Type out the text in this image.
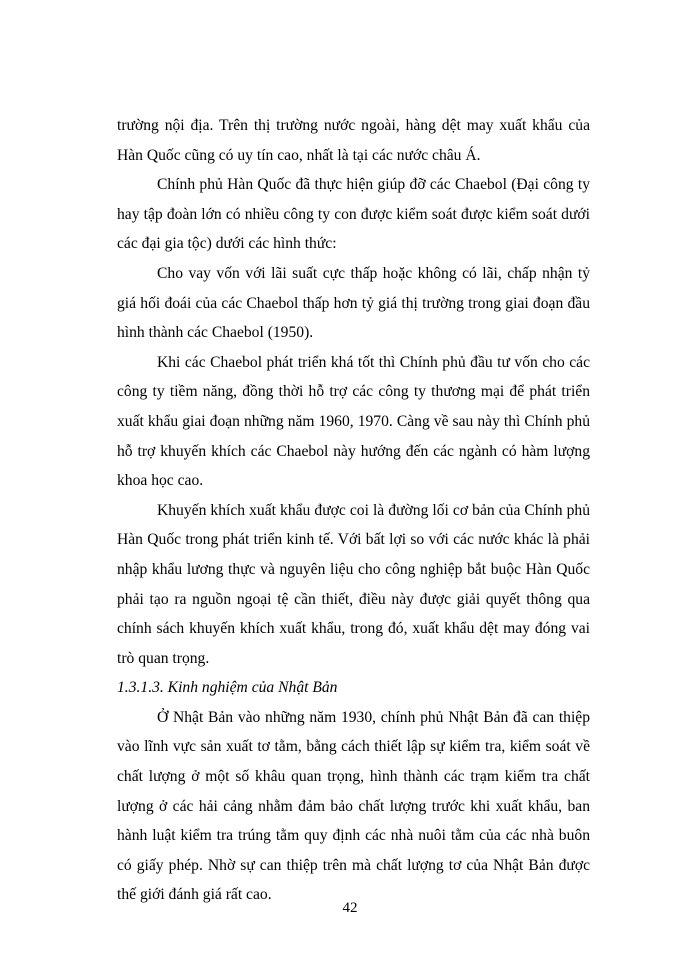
trường nội địa. Trên thị trường nước ngoài, hàng dệt may xuất khẩu của Hàn Quốc cũng có uy tín cao, nhất là tại các nước châu Á.

Chính phủ Hàn Quốc đã thực hiện giúp đỡ các Chaebol (Đại công ty hay tập đoàn lớn có nhiều công ty con được kiểm soát được kiểm soát dưới các đại gia tộc) dưới các hình thức:

Cho vay vốn với lãi suất cực thấp hoặc không có lãi, chấp nhận tỷ giá hối đoái của các Chaebol thấp hơn tỷ giá thị trường trong giai đoạn đầu hình thành các Chaebol (1950).

Khi các Chaebol phát triển khá tốt thì Chính phủ đầu tư vốn cho các công ty tiềm năng, đồng thời hỗ trợ các công ty thương mại để phát triển xuất khẩu giai đoạn những năm 1960, 1970. Càng về sau này thì Chính phủ hỗ trợ khuyến khích các Chaebol này hướng đến các ngành có hàm lượng khoa học cao.

Khuyến khích xuất khẩu được coi là đường lối cơ bản của Chính phủ Hàn Quốc trong phát triển kinh tế. Với bất lợi so với các nước khác là phải nhập khẩu lương thực và nguyên liệu cho công nghiệp bắt buộc Hàn Quốc phải tạo ra nguồn ngoại tệ cần thiết, điều này được giải quyết thông qua chính sách khuyến khích xuất khẩu, trong đó, xuất khẩu dệt may đóng vai trò quan trọng.

1.3.1.3. Kinh nghiệm của Nhật Bản

Ở Nhật Bản vào những năm 1930, chính phủ Nhật Bản đã can thiệp vào lĩnh vực sản xuất tơ tằm, bằng cách thiết lập sự kiểm tra, kiểm soát về chất lượng ở một số khâu quan trọng, hình thành các trạm kiểm tra chất lượng ở các hải cảng nhằm đảm bảo chất lượng trước khi xuất khẩu, ban hành luật kiểm tra trúng tằm quy định các nhà nuôi tằm của các nhà buôn có giấy phép. Nhờ sự can thiệp trên mà chất lượng tơ của Nhật Bản được thế giới đánh giá rất cao.

42
